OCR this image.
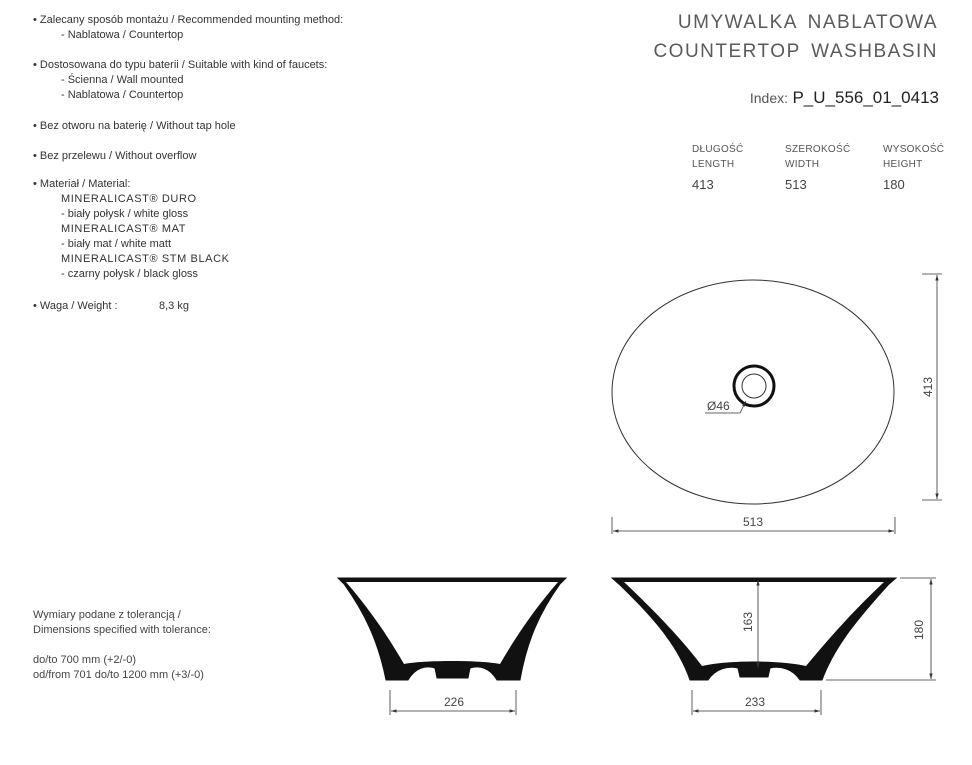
• Zalecany sposób montażu / Recommended mounting method:
- Nablatowa / Countertop
• Dostosowana do typu baterii / Suitable with kind of faucets:
- Ścienna / Wall mounted
- Nablatowa / Countertop
• Bez otworu na baterię / Without tap hole
• Bez przelewu / Without overflow
• Materiał / Material:
MINERALICAST® DURO
- biały połysk / white gloss
MINERALICAST® MAT
- biały mat / white matt
MINERALICAST® STM BLACK
- czarny połysk / black gloss
• Waga / Weight :	8,3 kg
UMYWALKA NABLATOWA
COUNTERTOP WASHBASIN
Index: P_U_556_01_0413
DŁUGOŚĆ
LENGTH
413
SZEROKOŚĆ
WIDTH
513
WYSOKOŚĆ
HEIGHT
180
Wymiary podane z tolerancją /
Dimensions specified with tolerance:
do/to 700 mm (+2/-0)
od/from 701 do/to 1200 mm (+3/-0)
Ø46
513
413
226
163
233
180
